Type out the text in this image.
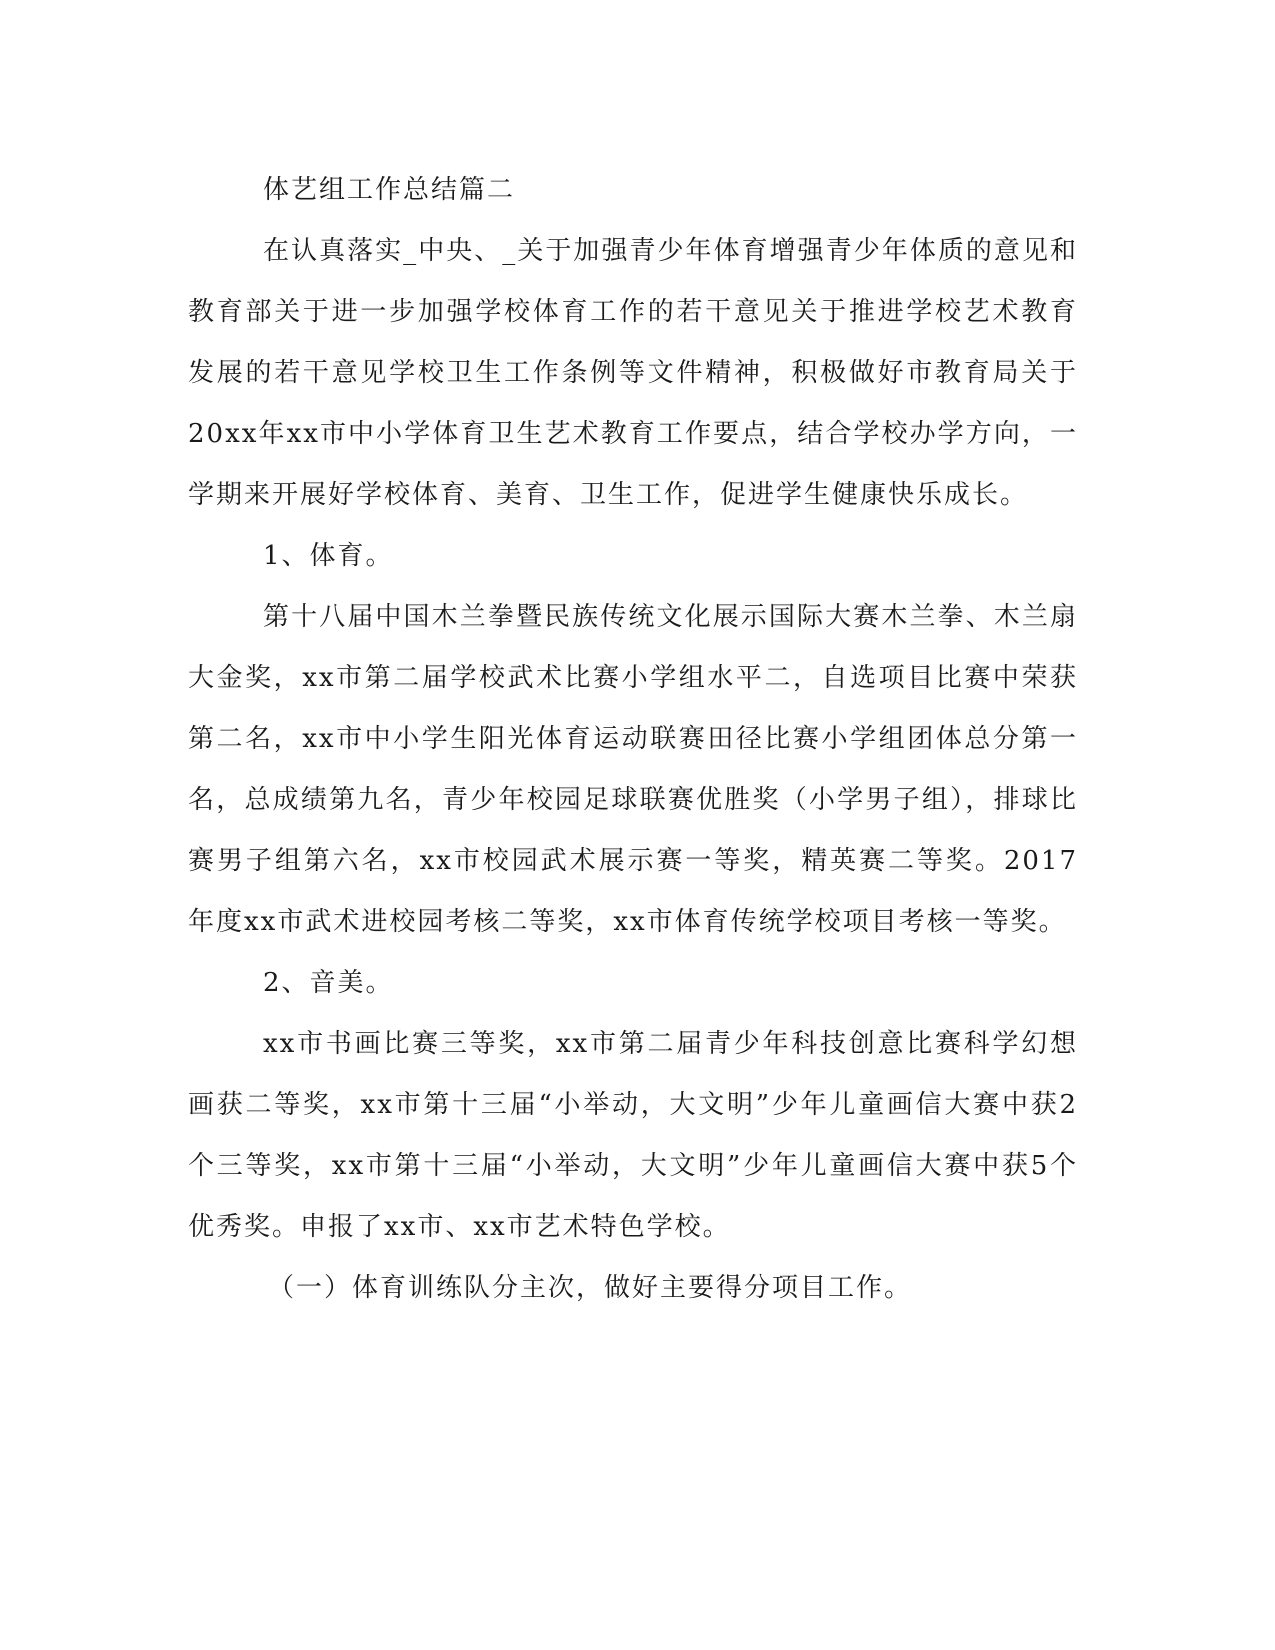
体艺组工作总结篇二

在认真落实_中央、_关于加强青少年体育增强青少年体质的意见和教育部关于进一步加强学校体育工作的若干意见关于推进学校艺术教育发展的若干意见学校卫生工作条例等文件精神，积极做好市教育局关于20xx年xx市中小学体育卫生艺术教育工作要点，结合学校办学方向，一学期来开展好学校体育、美育、卫生工作，促进学生健康快乐成长。

1、体育。

第十八届中国木兰拳暨民族传统文化展示国际大赛木兰拳、木兰扇大金奖，xx市第二届学校武术比赛小学组水平二，自选项目比赛中荣获第二名，xx市中小学生阳光体育运动联赛田径比赛小学组团体总分第一名，总成绩第九名，青少年校园足球联赛优胜奖（小学男子组），排球比赛男子组第六名，xx市校园武术展示赛一等奖，精英赛二等奖。2017年度xx市武术进校园考核二等奖，xx市体育传统学校项目考核一等奖。

2、音美。

xx市书画比赛三等奖，xx市第二届青少年科技创意比赛科学幻想画获二等奖，xx市第十三届“小举动，大文明”少年儿童画信大赛中获2个三等奖，xx市第十三届“小举动，大文明”少年儿童画信大赛中获5个优秀奖。申报了xx市、xx市艺术特色学校。

（一）体育训练队分主次，做好主要得分项目工作。
